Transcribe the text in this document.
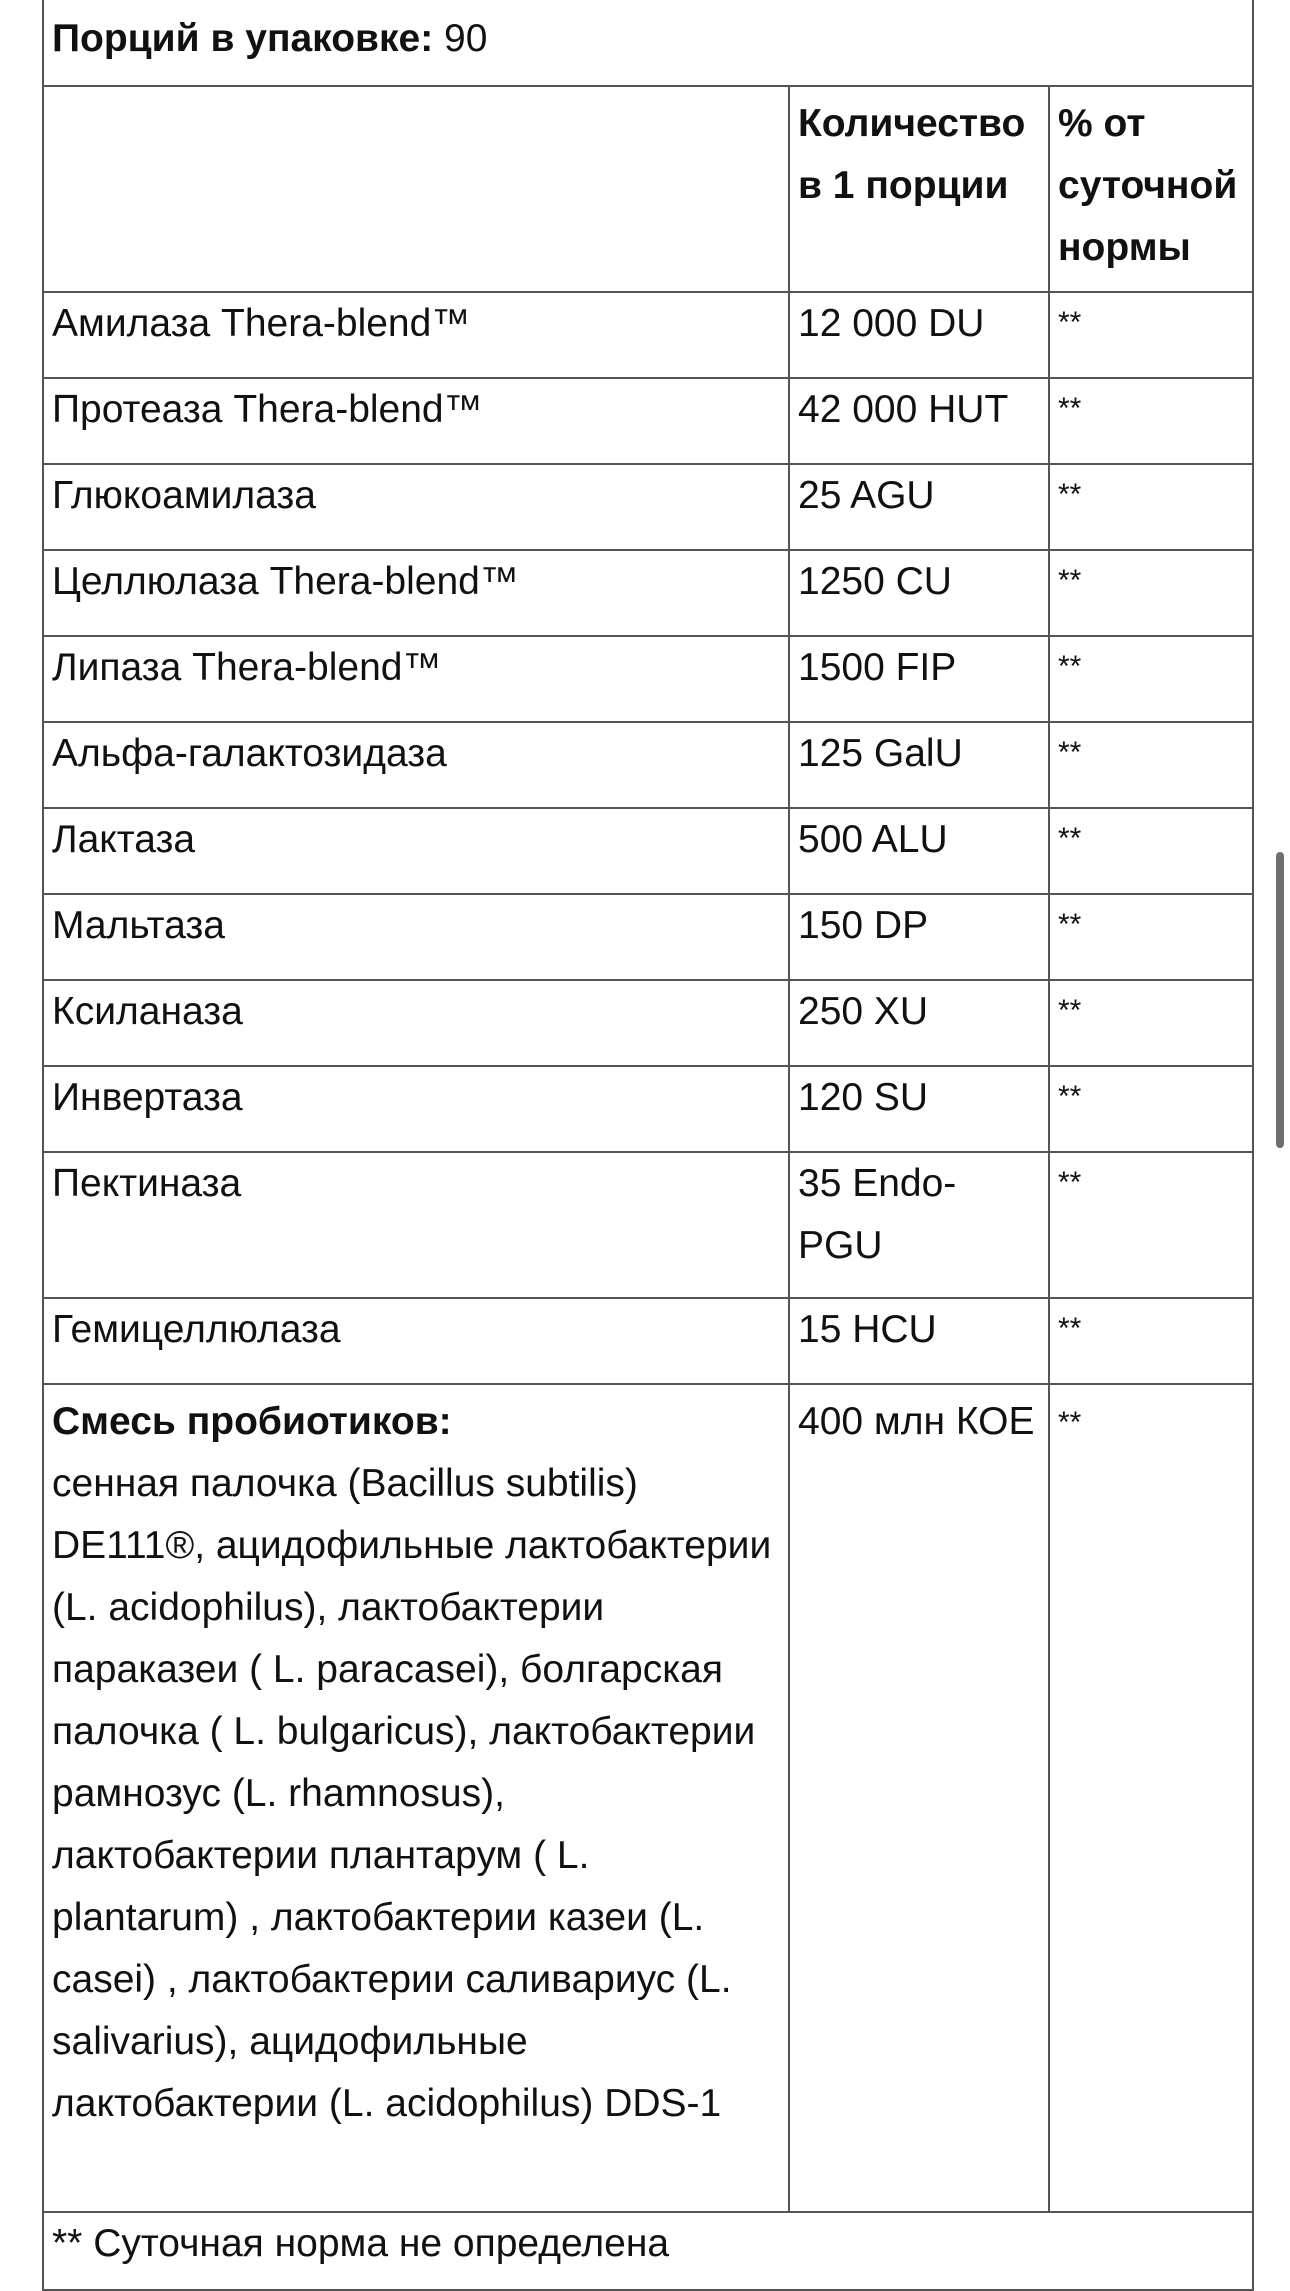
Порций в упаковке: 90		
	Количество в 1 порции	% от суточной нормы
Амилаза Thera-blend™	12 000 DU	**
Протеаза Thera-blend™	42 000 HUT	**
Глюкоамилаза	25 AGU	**
Целлюлаза Thera-blend™	1250 CU	**
Липаза Thera-blend™	1500 FIP	**
Альфа-галактозидаза	125 GalU	**
Лактаза	500 ALU	**
Мальтаза	150 DP	**
Ксиланаза	250 XU	**
Инвертаза	120 SU	**
Пектиназа	35 Endo-PGU	**
Гемицеллюлаза	15 HCU	**
Смесь пробиотиков:
сенная палочка (Bacillus subtilis) DE111®, ацидофильные лактобактерии (L. acidophilus), лактобактерии параказеи ( L. paracasei), болгарская палочка ( L. bulgaricus), лактобактерии рамнозус (L. rhamnosus), лактобактерии плантарум ( L. plantarum) , лактобактерии казеи (L. casei) , лактобактерии саливариус (L. salivarius), ацидофильные лактобактерии (L. acidophilus) DDS-1	400 млн КОЕ	**
** Суточная норма не определена		
